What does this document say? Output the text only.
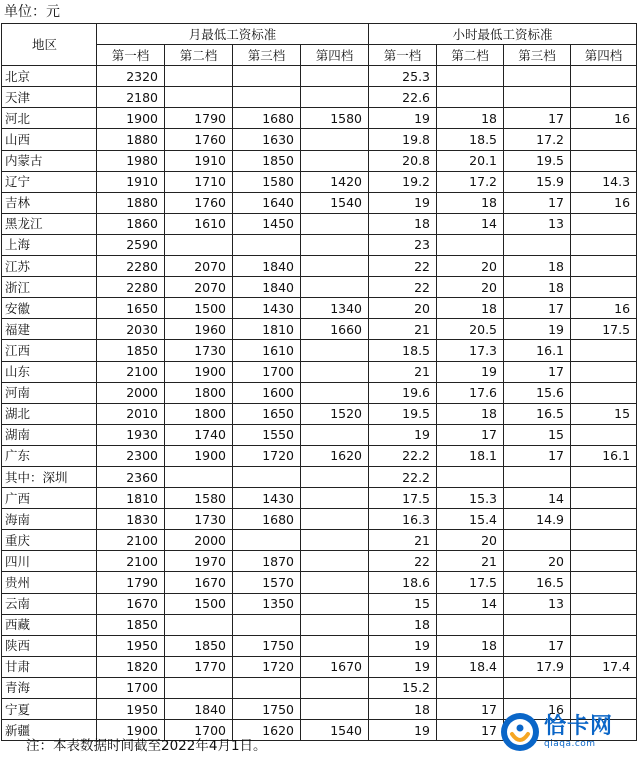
单位：元
地区	月最低工资标准				小时最低工资标准			
	第一档	第二档	第三档	第四档	第一档	第二档	第三档	第四档
北京	2320				25.3			
天津	2180				22.6			
河北	1900	1790	1680	1580	19	18	17	16
山西	1880	1760	1630		19.8	18.5	17.2	
内蒙古	1980	1910	1850		20.8	20.1	19.5	
辽宁	1910	1710	1580	1420	19.2	17.2	15.9	14.3
吉林	1880	1760	1640	1540	19	18	17	16
黑龙江	1860	1610	1450		18	14	13	
上海	2590				23			
江苏	2280	2070	1840		22	20	18	
浙江	2280	2070	1840		22	20	18	
安徽	1650	1500	1430	1340	20	18	17	16
福建	2030	1960	1810	1660	21	20.5	19	17.5
江西	1850	1730	1610		18.5	17.3	16.1	
山东	2100	1900	1700		21	19	17	
河南	2000	1800	1600		19.6	17.6	15.6	
湖北	2010	1800	1650	1520	19.5	18	16.5	15
湖南	1930	1740	1550		19	17	15	
广东	2300	1900	1720	1620	22.2	18.1	17	16.1
其中：深圳	2360				22.2			
广西	1810	1580	1430		17.5	15.3	14	
海南	1830	1730	1680		16.3	15.4	14.9	
重庆	2100	2000			21	20		
四川	2100	1970	1870		22	21	20	
贵州	1790	1670	1570		18.6	17.5	16.5	
云南	1670	1500	1350		15	14	13	
西藏	1850				18			
陕西	1950	1850	1750		19	18	17	
甘肃	1820	1770	1720	1670	19	18.4	17.9	17.4
青海	1700				15.2			
宁夏	1950	1840	1750		18	17	16	
新疆	1900	1700	1620	1540	19	17		
注：本表数据时间截至2022年4月1日。
恰卡网
qiaqa.com
